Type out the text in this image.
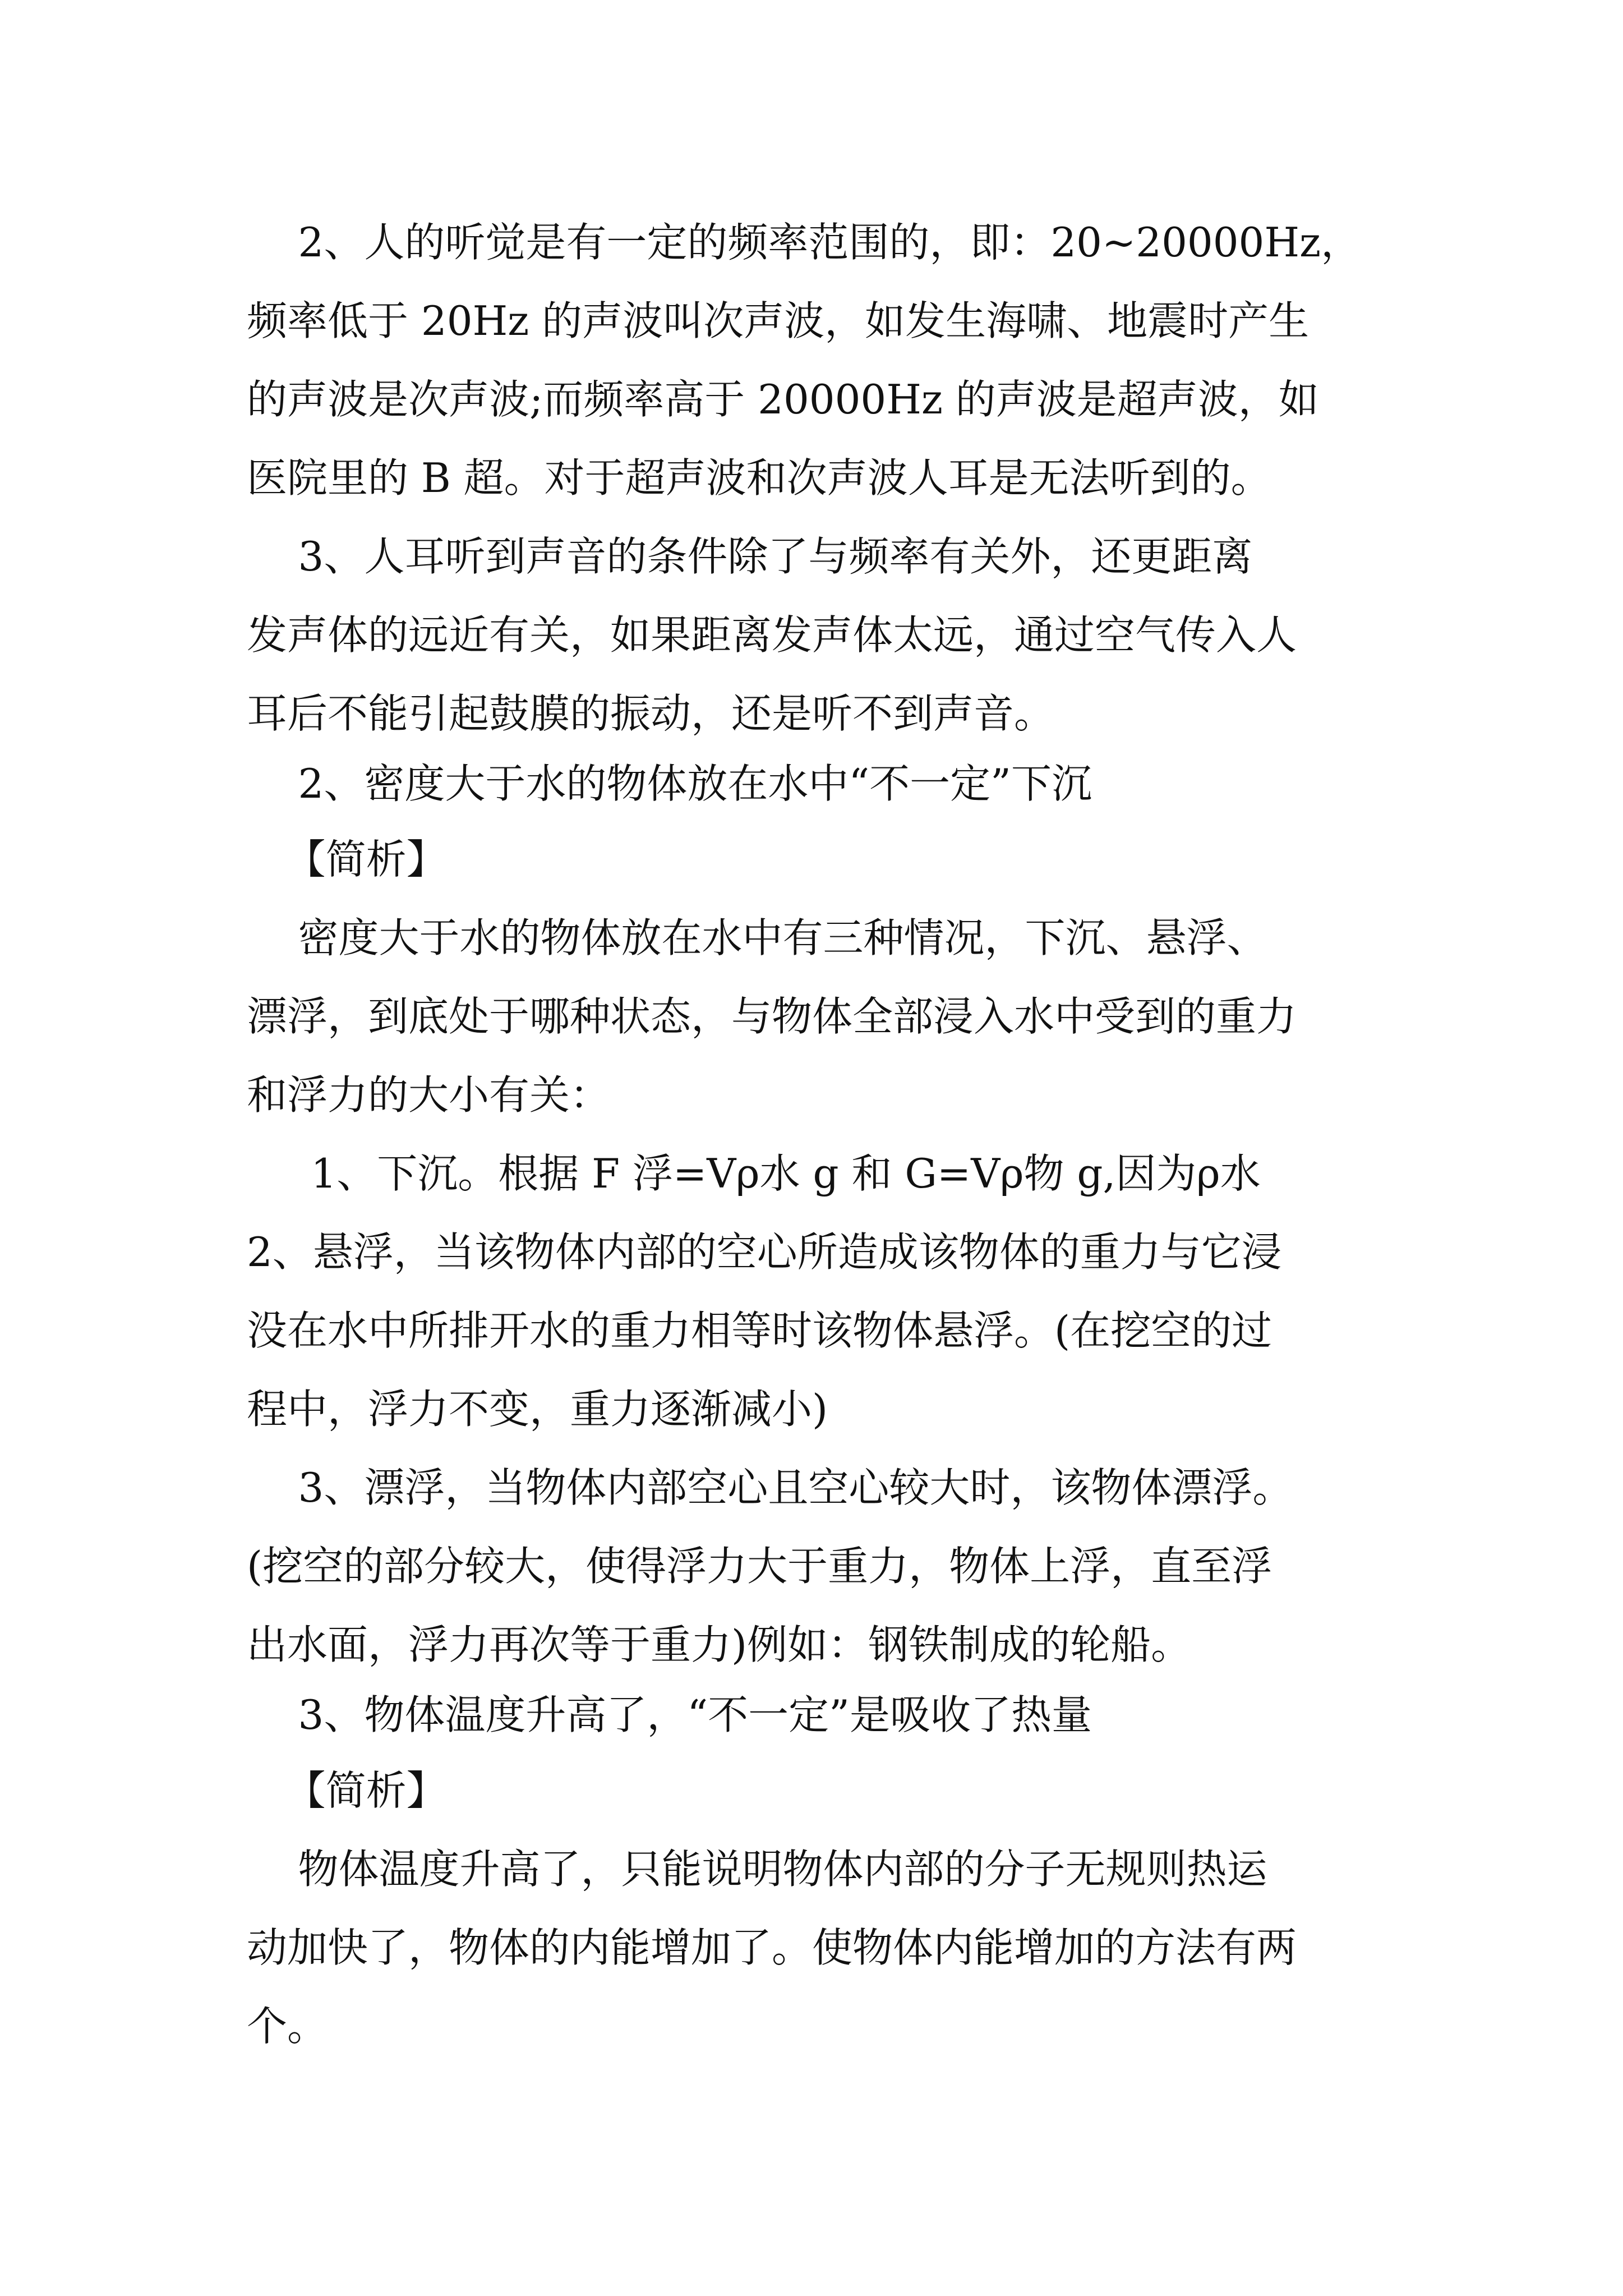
2、人的听觉是有一定的频率范围的，即：20~20000Hz，

频率低于 20Hz 的声波叫次声波，如发生海啸、地震时产生

的声波是次声波;而频率高于 20000Hz 的声波是超声波，如

医院里的 B 超。对于超声波和次声波人耳是无法听到的。

3、人耳听到声音的条件除了与频率有关外，还更距离

发声体的远近有关，如果距离发声体太远，通过空气传入人

耳后不能引起鼓膜的振动，还是听不到声音。

2、密度大于水的物体放在水中“不一定”下沉

【简析】

密度大于水的物体放在水中有三种情况，下沉、悬浮、

漂浮，到底处于哪种状态，与物体全部浸入水中受到的重力

和浮力的大小有关：

1、下沉。根据 F 浮=Vρ水 g 和 G=Vρ物 g,因为ρ水

2、悬浮，当该物体内部的空心所造成该物体的重力与它浸

没在水中所排开水的重力相等时该物体悬浮。(在挖空的过

程中，浮力不变，重力逐渐减小)

3、漂浮，当物体内部空心且空心较大时，该物体漂浮。

(挖空的部分较大，使得浮力大于重力，物体上浮，直至浮

出水面，浮力再次等于重力)例如：钢铁制成的轮船。

3、物体温度升高了，“不一定”是吸收了热量

【简析】

物体温度升高了，只能说明物体内部的分子无规则热运

动加快了，物体的内能增加了。使物体内能增加的方法有两

个。
